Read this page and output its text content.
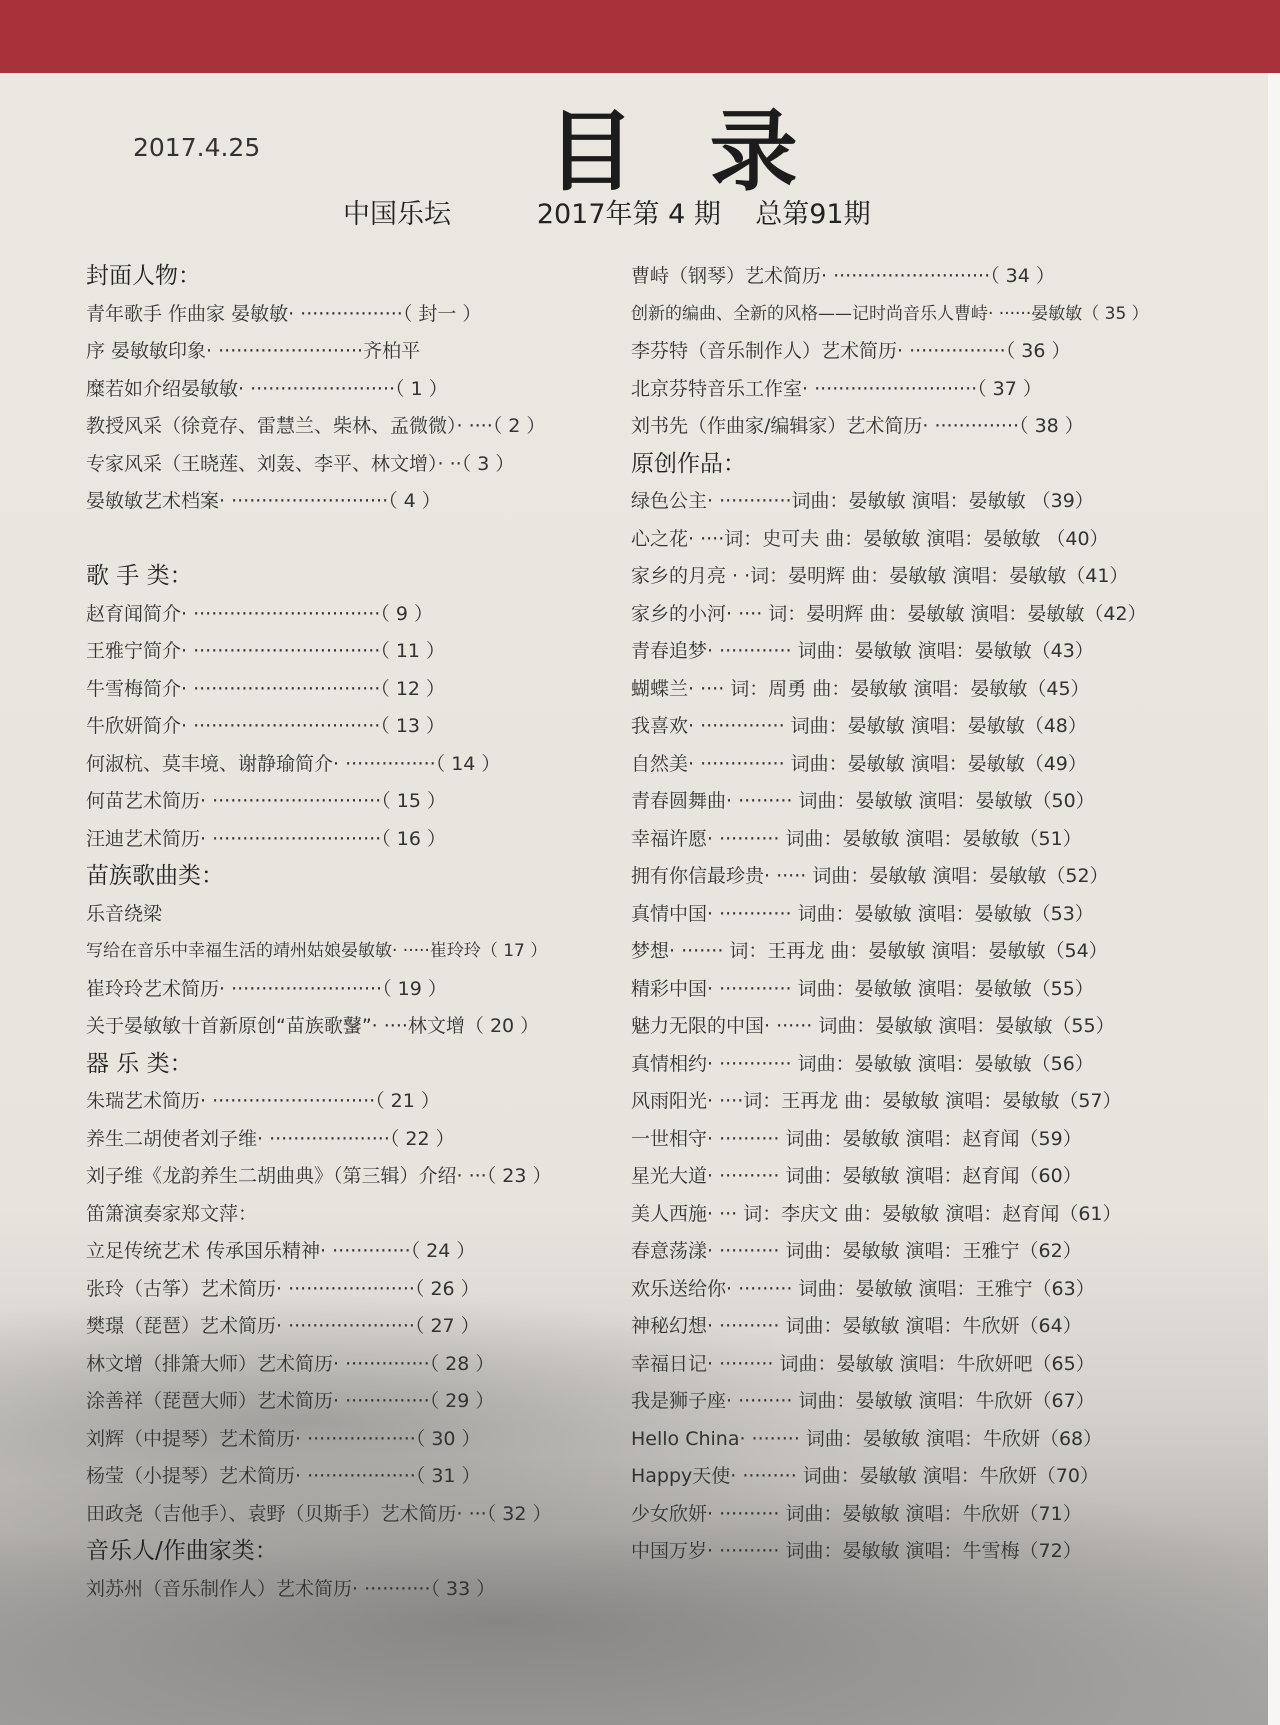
2017.4.25	目 录
中国乐坛          2017年第 4 期    总第91期
封面人物：
青年歌手 作曲家 晏敏敏· ·················（ 封一 ）
序 晏敏敏印象· ························齐柏平
糜若如介绍晏敏敏· ························（ 1 ）
教授风采（徐竟存、雷慧兰、柴林、孟微微）· ····（ 2 ）
专家风采（王晓莲、刘轰、李平、林文增）· ··（ 3 ）
晏敏敏艺术档案· ··························（ 4 ）
歌 手 类：
赵育闻简介· ·······························（ 9 ）
王雅宁简介· ·······························（ 11 ）
牛雪梅简介· ·······························（ 12 ）
牛欣妍简介· ·······························（ 13 ）
何淑杭、莫丰境、谢静瑜简介· ···············（ 14 ）
何苗艺术简历· ····························（ 15 ）
汪迪艺术简历· ····························（ 16 ）
苗族歌曲类：
乐音绕梁
写给在音乐中幸福生活的靖州姑娘晏敏敏· ·····崔玲玲（ 17 ）
崔玲玲艺术简历· ·························（ 19 ）
关于晏敏敏十首新原创“苗族歌鼜”· ····林文增（ 20 ）
器 乐 类：
朱瑞艺术简历· ···························（ 21 ）
养生二胡使者刘子维· ····················（ 22 ）
刘子维《龙韵养生二胡曲典》（第三辑）介绍· ···（ 23 ）
笛箫演奏家郑文萍：
立足传统艺术 传承国乐精神· ·············（ 24 ）
张玲（古筝）艺术简历· ·····················（ 26 ）
樊璟（琵琶）艺术简历· ·····················（ 27 ）
林文增（排箫大师）艺术简历· ··············（ 28 ）
涂善祥（琵琶大师）艺术简历· ··············（ 29 ）
刘辉（中提琴）艺术简历· ··················（ 30 ）
杨莹（小提琴）艺术简历· ··················（ 31 ）
田政尧（吉他手）、袁野（贝斯手）艺术简历· ···（ 32 ）
音乐人/作曲家类：
刘苏州（音乐制作人）艺术简历· ···········（ 33 ）
曹峙（钢琴）艺术简历· ··························（ 34 ）
创新的编曲、全新的风格——记时尚音乐人曹峙· ······晏敏敏（ 35 ）
李芬特（音乐制作人）艺术简历· ················（ 36 ）
北京芬特音乐工作室· ···························（ 37 ）
刘书先（作曲家/编辑家）艺术简历· ··············（ 38 ）
原创作品：
绿色公主· ············词曲：晏敏敏 演唱：晏敏敏 （39）
心之花· ····词：史可夫 曲：晏敏敏 演唱：晏敏敏 （40）
家乡的月亮 · ·词：晏明辉 曲：晏敏敏 演唱：晏敏敏（41）
家乡的小河· ···· 词：晏明辉 曲：晏敏敏 演唱：晏敏敏（42）
青春追梦· ············ 词曲：晏敏敏 演唱：晏敏敏（43）
蝴蝶兰· ···· 词：周勇 曲：晏敏敏 演唱：晏敏敏（45）
我喜欢· ·············· 词曲：晏敏敏 演唱：晏敏敏（48）
自然美· ·············· 词曲：晏敏敏 演唱：晏敏敏（49）
青春圆舞曲· ········· 词曲：晏敏敏 演唱：晏敏敏（50）
幸福许愿· ·········· 词曲：晏敏敏 演唱：晏敏敏（51）
拥有你信最珍贵· ····· 词曲：晏敏敏 演唱：晏敏敏（52）
真情中国· ············ 词曲：晏敏敏 演唱：晏敏敏（53）
梦想· ······· 词：王再龙 曲：晏敏敏 演唱：晏敏敏（54）
精彩中国· ············ 词曲：晏敏敏 演唱：晏敏敏（55）
魅力无限的中国· ······ 词曲：晏敏敏 演唱：晏敏敏（55）
真情相约· ············ 词曲：晏敏敏 演唱：晏敏敏（56）
风雨阳光· ····词：王再龙 曲：晏敏敏 演唱：晏敏敏（57）
一世相守· ·········· 词曲：晏敏敏 演唱：赵育闻（59）
星光大道· ·········· 词曲：晏敏敏 演唱：赵育闻（60）
美人西施· ··· 词：李庆文 曲：晏敏敏 演唱：赵育闻（61）
春意荡漾· ·········· 词曲：晏敏敏 演唱：王雅宁（62）
欢乐送给你· ········· 词曲：晏敏敏 演唱：王雅宁（63）
神秘幻想· ·········· 词曲：晏敏敏 演唱：牛欣妍（64）
幸福日记· ········· 词曲：晏敏敏 演唱：牛欣妍吧（65）
我是狮子座· ········· 词曲：晏敏敏 演唱：牛欣妍（67）
Hello China· ········ 词曲：晏敏敏 演唱：牛欣妍（68）
Happy天使· ········· 词曲：晏敏敏 演唱：牛欣妍（70）
少女欣妍· ·········· 词曲：晏敏敏 演唱：牛欣妍（71）
中国万岁· ·········· 词曲：晏敏敏 演唱：牛雪梅（72）
